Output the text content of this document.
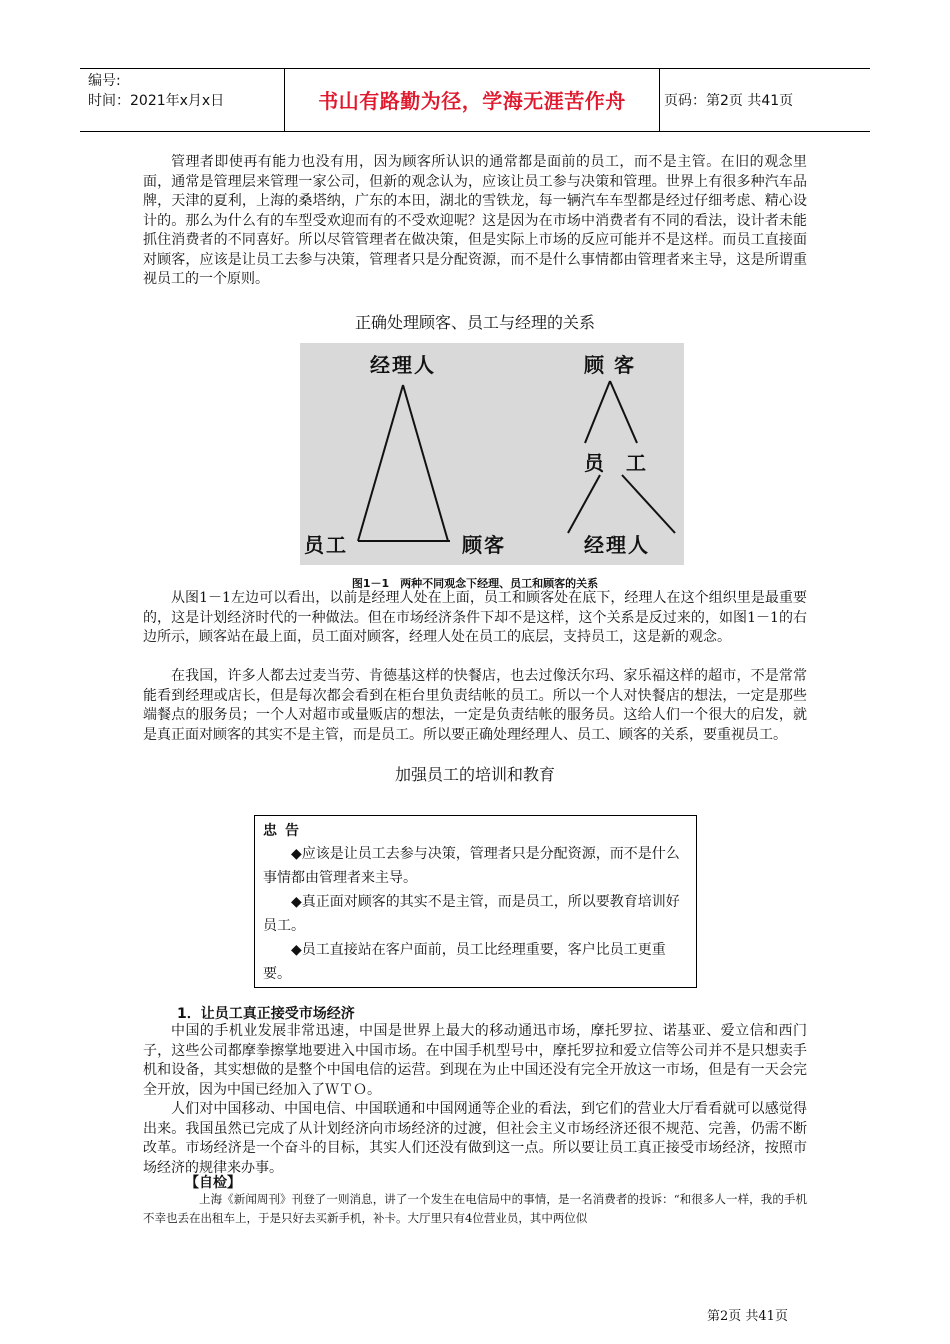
编号:
时间：2021年x月x日	书山有路勤为径，学海无涯苦作舟	页码：第2页 共41页

管理者即使再有能力也没有用，因为顾客所认识的通常都是面前的员工，而不是主管。在旧的观念里面，通常是管理层来管理一家公司，但新的观念认为，应该让员工参与决策和管理。世界上有很多种汽车品牌，天津的夏利，上海的桑塔纳，广东的本田，湖北的雪铁龙，每一辆汽车车型都是经过仔细考虑、精心设计的。那么为什么有的车型受欢迎而有的不受欢迎呢？这是因为在市场中消费者有不同的看法，设计者未能抓住消费者的不同喜好。所以尽管管理者在做决策，但是实际上市场的反应可能并不是这样。而员工直接面对顾客，应该是让员工去参与决策，管理者只是分配资源，而不是什么事情都由管理者来主导，这是所谓重视员工的一个原则。

正确处理顾客、员工与经理的关系
经理人
员工	顾客
顾客
员工
经理人
图1－1　两种不同观念下经理、员工和顾客的关系

从图1－1左边可以看出，以前是经理人处在上面，员工和顾客处在底下，经理人在这个组织里是最重要的，这是计划经济时代的一种做法。但在市场经济条件下却不是这样，这个关系是反过来的，如图1－1的右边所示，顾客站在最上面，员工面对顾客，经理人处在员工的底层，支持员工，这是新的观念。

在我国，许多人都去过麦当劳、肯德基这样的快餐店，也去过像沃尔玛、家乐福这样的超市，不是常常能看到经理或店长，但是每次都会看到在柜台里负责结帐的员工。所以一个人对快餐店的想法，一定是那些端餐点的服务员；一个人对超市或量贩店的想法，一定是负责结帐的服务员。这给人们一个很大的启发，就是真正面对顾客的其实不是主管，而是员工。所以要正确处理经理人、员工、顾客的关系，要重视员工。

加强员工的培训和教育
忠告

◆应该是让员工去参与决策，管理者只是分配资源，而不是什么事情都由管理者来主导。

◆真正面对顾客的其实不是主管，而是员工，所以要教育培训好员工。

◆员工直接站在客户面前，员工比经理重要，客户比员工更重要。

1．让员工真正接受市场经济

中国的手机业发展非常迅速，中国是世界上最大的移动通迅市场，摩托罗拉、诺基亚、爱立信和西门子，这些公司都摩拳擦掌地要进入中国市场。在中国手机型号中，摩托罗拉和爱立信等公司并不是只想卖手机和设备，其实想做的是整个中国电信的运营。到现在为止中国还没有完全开放这一市场，但是有一天会完全开放，因为中国已经加入了ＷＴＯ。

人们对中国移动、中国电信、中国联通和中国网通等企业的看法，到它们的营业大厅看看就可以感觉得出来。我国虽然已完成了从计划经济向市场经济的过渡，但社会主义市场经济还很不规范、完善，仍需不断改革。市场经济是一个奋斗的目标，其实人们还没有做到这一点。所以要让员工真正接受市场经济，按照市场经济的规律来办事。

【自检】

上海《新闻周刊》刊登了一则消息，讲了一个发生在电信局中的事情，是一名消费者的投诉：“和很多人一样，我的手机不幸也丢在出租车上，于是只好去买新手机，补卡。大厅里只有4位营业员，其中两位似

第2页 共41页
